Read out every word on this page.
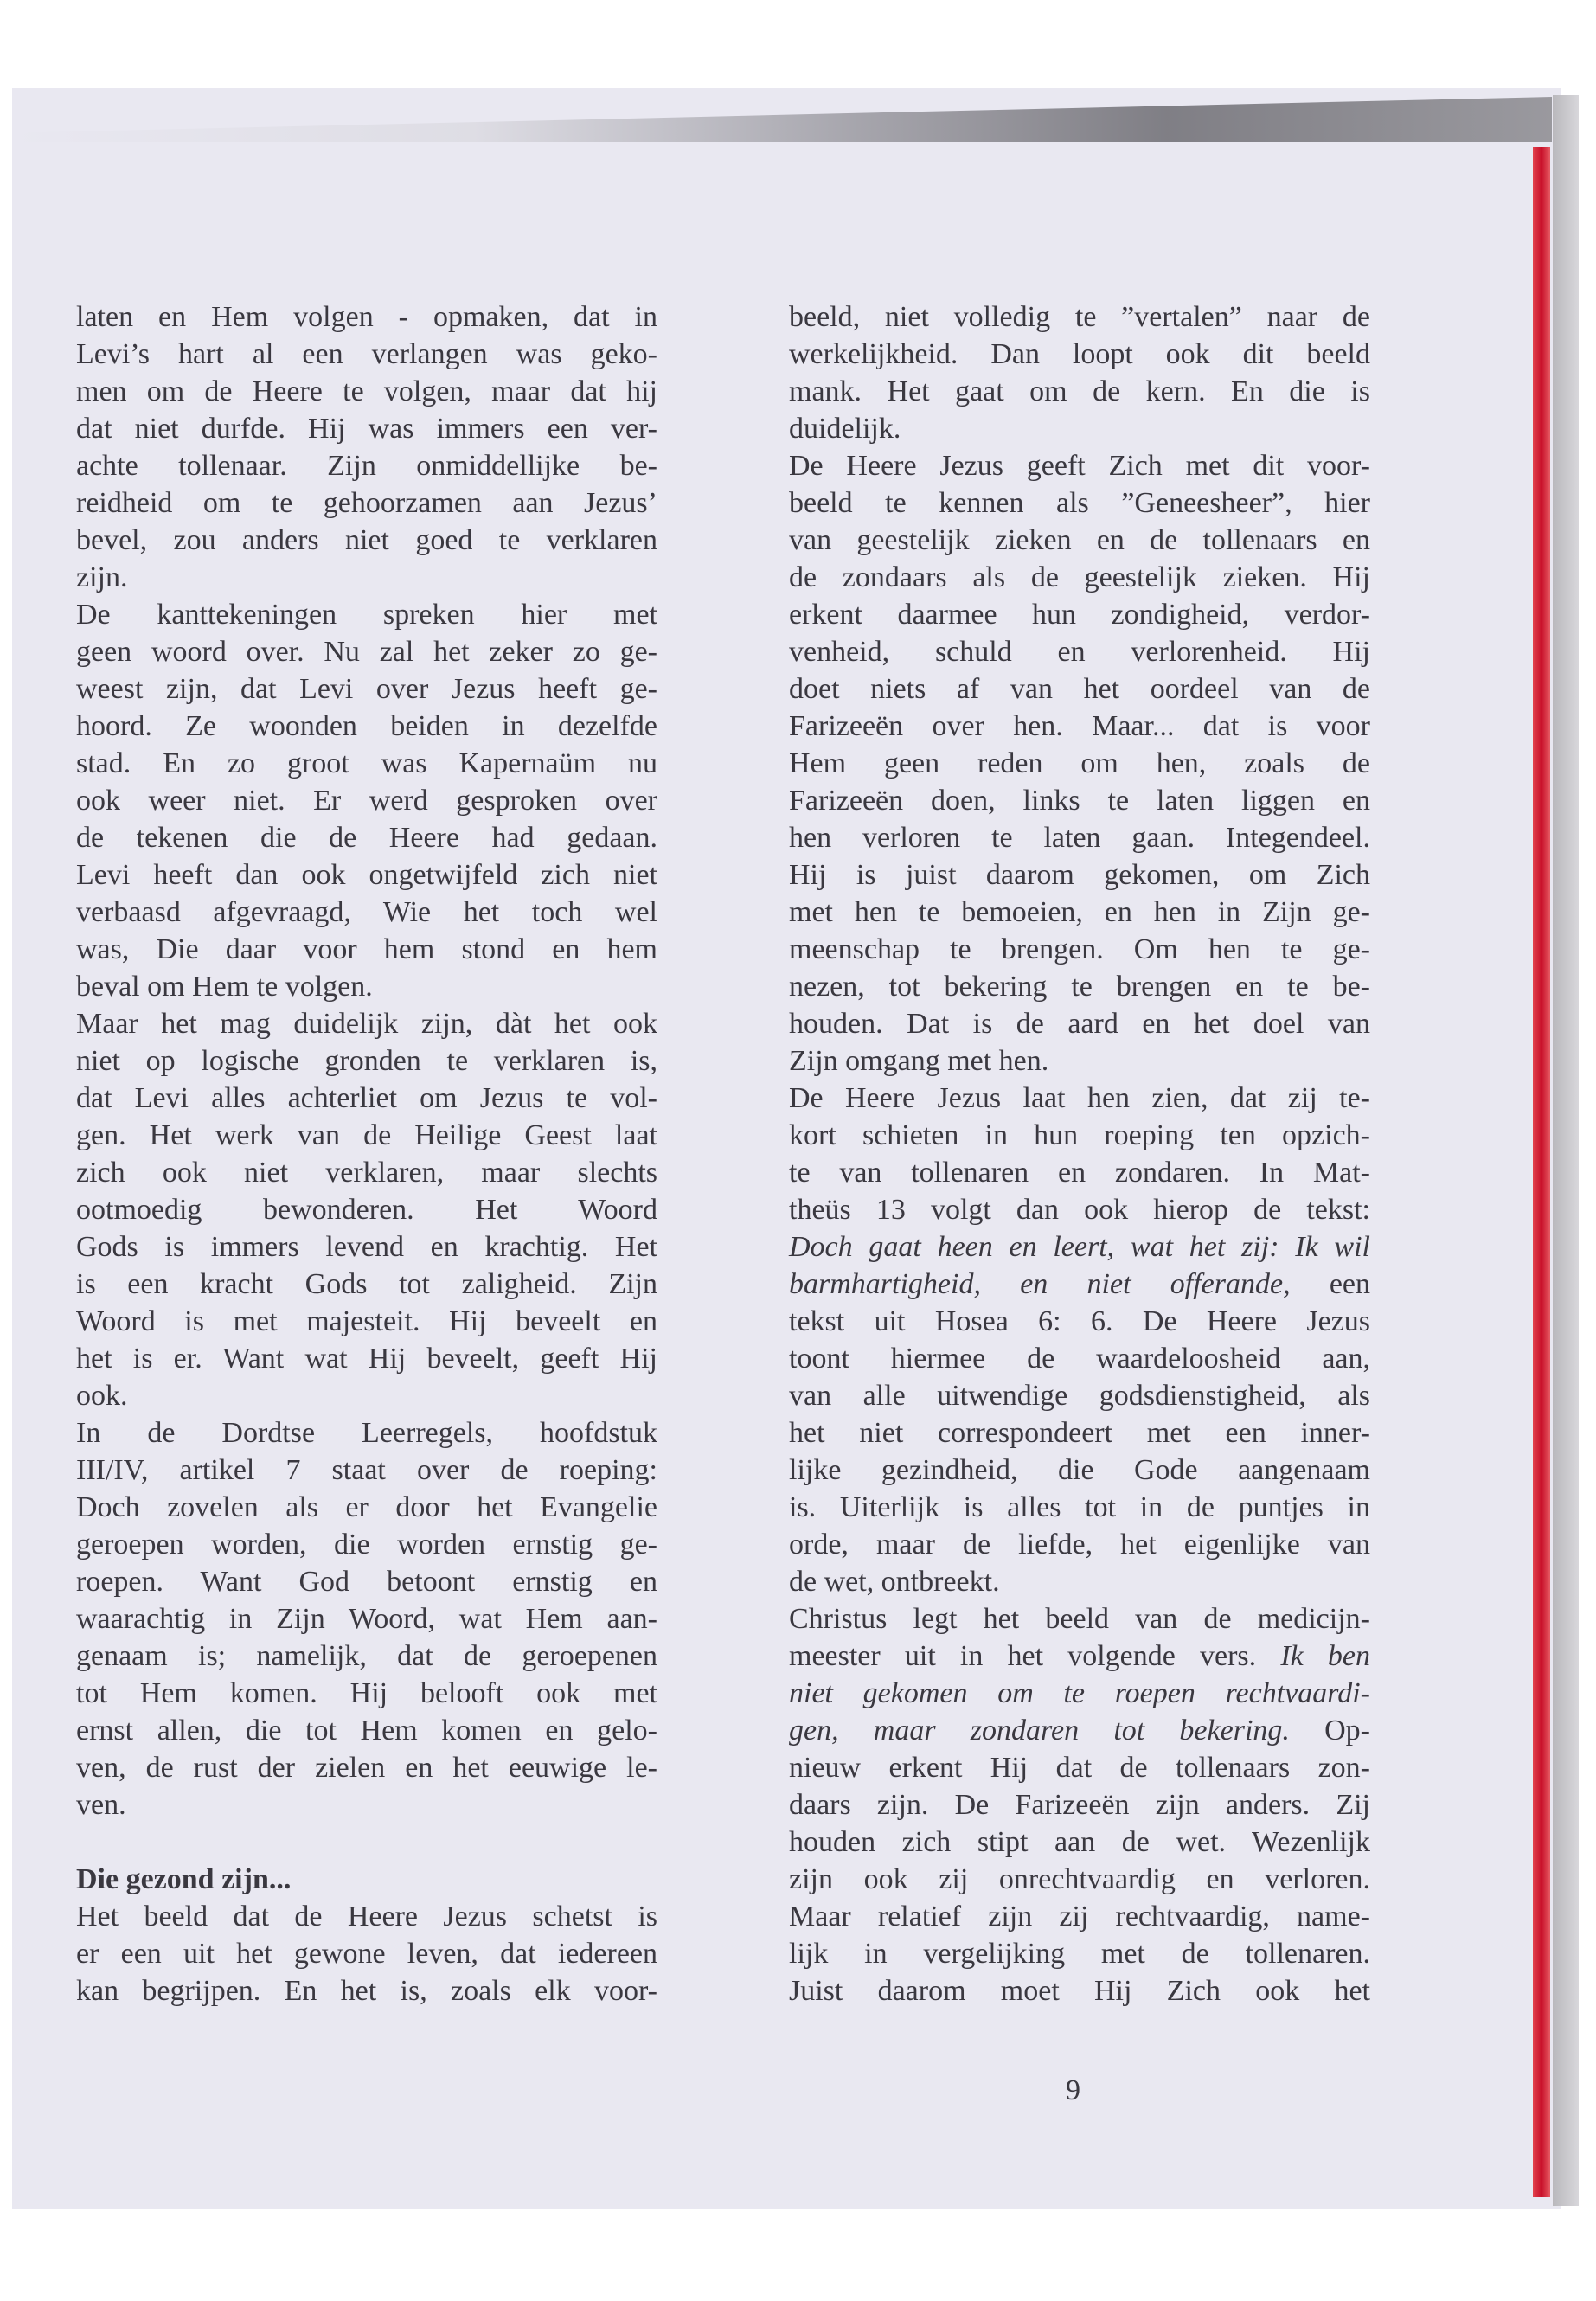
laten en Hem volgen - opmaken, dat in
Levi’s hart al een verlangen was geko-
men om de Heere te volgen, maar dat hij
dat niet durfde. Hij was immers een ver-
achte tollenaar. Zijn onmiddellijke be-
reidheid om te gehoorzamen aan Jezus’
bevel, zou anders niet goed te verklaren
zijn.
De kanttekeningen spreken hier met
geen woord over. Nu zal het zeker zo ge-
weest zijn, dat Levi over Jezus heeft ge-
hoord. Ze woonden beiden in dezelfde
stad. En zo groot was Kapernaüm nu
ook weer niet. Er werd gesproken over
de tekenen die de Heere had gedaan.
Levi heeft dan ook ongetwijfeld zich niet
verbaasd afgevraagd, Wie het toch wel
was, Die daar voor hem stond en hem
beval om Hem te volgen.
Maar het mag duidelijk zijn, dàt het ook
niet op logische gronden te verklaren is,
dat Levi alles achterliet om Jezus te vol-
gen. Het werk van de Heilige Geest laat
zich ook niet verklaren, maar slechts
ootmoedig bewonderen. Het Woord
Gods is immers levend en krachtig. Het
is een kracht Gods tot zaligheid. Zijn
Woord is met majesteit. Hij beveelt en
het is er. Want wat Hij beveelt, geeft Hij
ook.
In de Dordtse Leerregels, hoofdstuk
III/IV, artikel 7 staat over de roeping:
Doch zovelen als er door het Evangelie
geroepen worden, die worden ernstig ge-
roepen. Want God betoont ernstig en
waarachtig in Zijn Woord, wat Hem aan-
genaam is; namelijk, dat de geroepenen
tot Hem komen. Hij belooft ook met
ernst allen, die tot Hem komen en gelo-
ven, de rust der zielen en het eeuwige le-
ven.
Die gezond zijn...
Het beeld dat de Heere Jezus schetst is
er een uit het gewone leven, dat iedereen
kan begrijpen. En het is, zoals elk voor-
beeld, niet volledig te ”vertalen” naar de
werkelijkheid. Dan loopt ook dit beeld
mank. Het gaat om de kern. En die is
duidelijk.
De Heere Jezus geeft Zich met dit voor-
beeld te kennen als ”Geneesheer”, hier
van geestelijk zieken en de tollenaars en
de zondaars als de geestelijk zieken. Hij
erkent daarmee hun zondigheid, verdor-
venheid, schuld en verlorenheid. Hij
doet niets af van het oordeel van de
Farizeeën over hen. Maar... dat is voor
Hem geen reden om hen, zoals de
Farizeeën doen, links te laten liggen en
hen verloren te laten gaan. Integendeel.
Hij is juist daarom gekomen, om Zich
met hen te bemoeien, en hen in Zijn ge-
meenschap te brengen. Om hen te ge-
nezen, tot bekering te brengen en te be-
houden. Dat is de aard en het doel van
Zijn omgang met hen.
De Heere Jezus laat hen zien, dat zij te-
kort schieten in hun roeping ten opzich-
te van tollenaren en zondaren. In Mat-
theüs 13 volgt dan ook hierop de tekst:
Doch gaat heen en leert, wat het zij: Ik wil
barmhartigheid, en niet offerande, een
tekst uit Hosea 6: 6. De Heere Jezus
toont hiermee de waardeloosheid aan,
van alle uitwendige godsdienstigheid, als
het niet correspondeert met een inner-
lijke gezindheid, die Gode aangenaam
is. Uiterlijk is alles tot in de puntjes in
orde, maar de liefde, het eigenlijke van
de wet, ontbreekt.
Christus legt het beeld van de medicijn-
meester uit in het volgende vers. Ik ben
niet gekomen om te roepen rechtvaardi-
gen, maar zondaren tot bekering. Op-
nieuw erkent Hij dat de tollenaars zon-
daars zijn. De Farizeeën zijn anders. Zij
houden zich stipt aan de wet. Wezenlijk
zijn ook zij onrechtvaardig en verloren.
Maar relatief zijn zij rechtvaardig, name-
lijk in vergelijking met de tollenaren.
Juist daarom moet Hij Zich ook het
9
